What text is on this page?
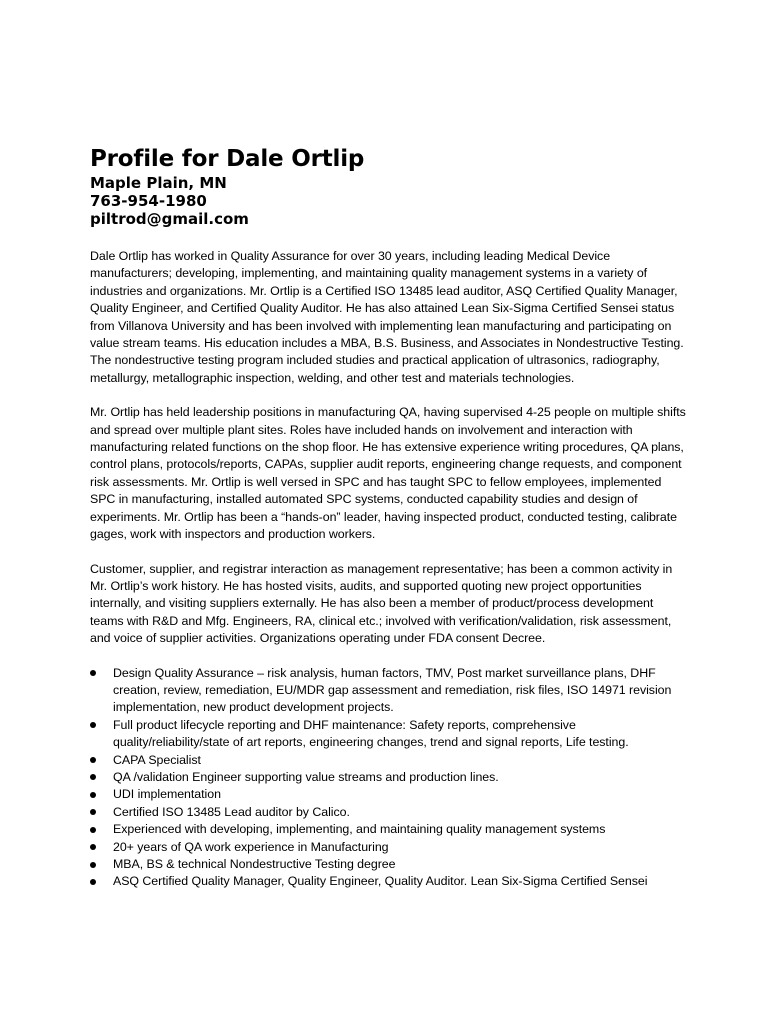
Profile for Dale Ortlip

Maple Plain, MN

763-954-1980

piltrod@gmail.com

Dale Ortlip has worked in Quality Assurance for over 30 years, including leading Medical Device manufacturers; developing, implementing, and maintaining quality management systems in a variety of industries and organizations. Mr. Ortlip is a Certified ISO 13485 lead auditor, ASQ Certified Quality Manager, Quality Engineer, and Certified Quality Auditor. He has also attained Lean Six-Sigma Certified Sensei status from Villanova University and has been involved with implementing lean manufacturing and participating on value stream teams. His education includes a MBA, B.S. Business, and Associates in Nondestructive Testing. The nondestructive testing program included studies and practical application of ultrasonics, radiography, metallurgy, metallographic inspection, welding, and other test and materials technologies.

Mr. Ortlip has held leadership positions in manufacturing QA, having supervised 4-25 people on multiple shifts and spread over multiple plant sites. Roles have included hands on involvement and interaction with manufacturing related functions on the shop floor. He has extensive experience writing procedures, QA plans, control plans, protocols/reports, CAPAs, supplier audit reports, engineering change requests, and component risk assessments. Mr. Ortlip is well versed in SPC and has taught SPC to fellow employees, implemented SPC in manufacturing, installed automated SPC systems, conducted capability studies and design of experiments. Mr. Ortlip has been a “hands-on” leader, having inspected product, conducted testing, calibrate gages, work with inspectors and production workers.

Customer, supplier, and registrar interaction as management representative; has been a common activity in Mr. Ortlip’s work history. He has hosted visits, audits, and supported quoting new project opportunities internally, and visiting suppliers externally. He has also been a member of product/process development teams with R&D and Mfg. Engineers, RA, clinical etc.; involved with verification/validation, risk assessment, and voice of supplier activities. Organizations operating under FDA consent Decree.

Design Quality Assurance – risk analysis, human factors, TMV, Post market surveillance plans, DHF creation, review, remediation, EU/MDR gap assessment and remediation, risk files, ISO 14971 revision implementation, new product development projects.
Full product lifecycle reporting and DHF maintenance: Safety reports, comprehensive quality/reliability/state of art reports, engineering changes, trend and signal reports, Life testing.
CAPA Specialist
QA /validation Engineer supporting value streams and production lines.
UDI implementation
Certified ISO 13485 Lead auditor by Calico.
Experienced with developing, implementing, and maintaining quality management systems
20+ years of QA work experience in Manufacturing
MBA, BS & technical Nondestructive Testing degree
ASQ Certified Quality Manager, Quality Engineer, Quality Auditor. Lean Six-Sigma Certified Sensei
